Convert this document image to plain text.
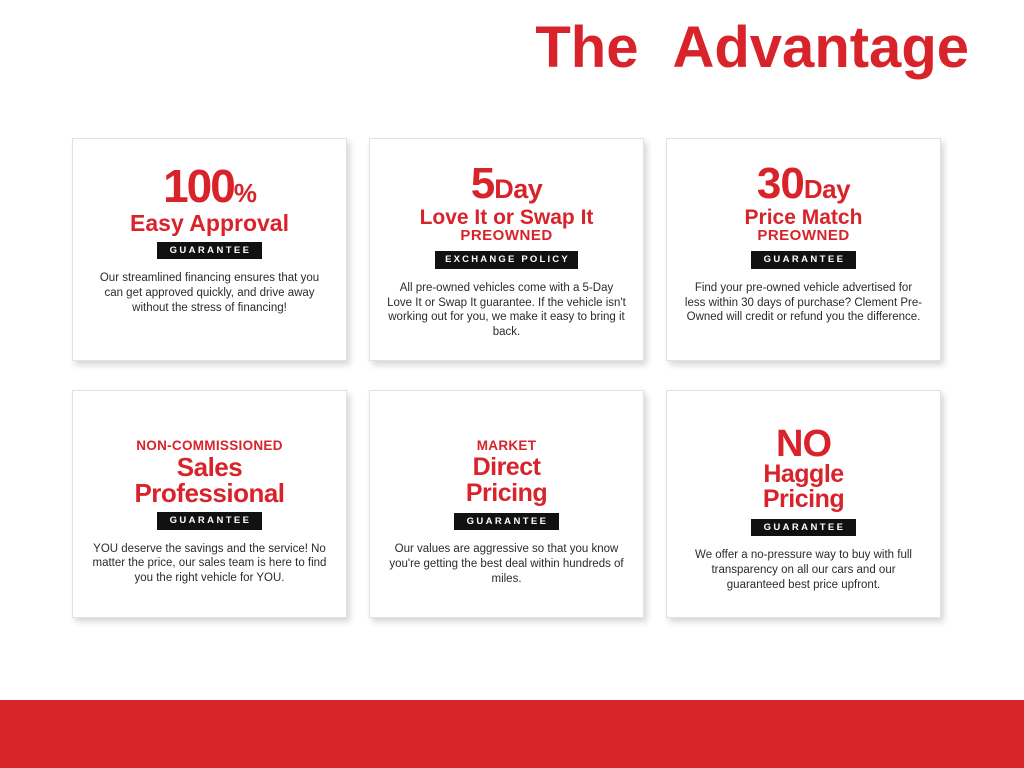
The Advantage
100%
Easy Approval
GUARANTEE
Our streamlined financing ensures that you can get approved quickly, and drive away without the stress of financing!
5Day
Love It or Swap It
PREOWNED
EXCHANGE POLICY
All pre-owned vehicles come with a 5-Day Love It or Swap It guarantee. If the vehicle isn't working out for you, we make it easy to bring it back.
30Day
Price Match
PREOWNED
GUARANTEE
Find your pre-owned vehicle advertised for less within 30 days of purchase? Clement Pre-Owned will credit or refund you the difference.
NON-COMMISSIONED
Sales
Professional
GUARANTEE
YOU deserve the savings and the service! No matter the price, our sales team is here to find you the right vehicle for YOU.
MARKET
Direct
Pricing
GUARANTEE
Our values are aggressive so that you know you're getting the best deal within hundreds of miles.
NO
Haggle
Pricing
GUARANTEE
We offer a no-pressure way to buy with full transparency on all our cars and our guaranteed best price upfront.
